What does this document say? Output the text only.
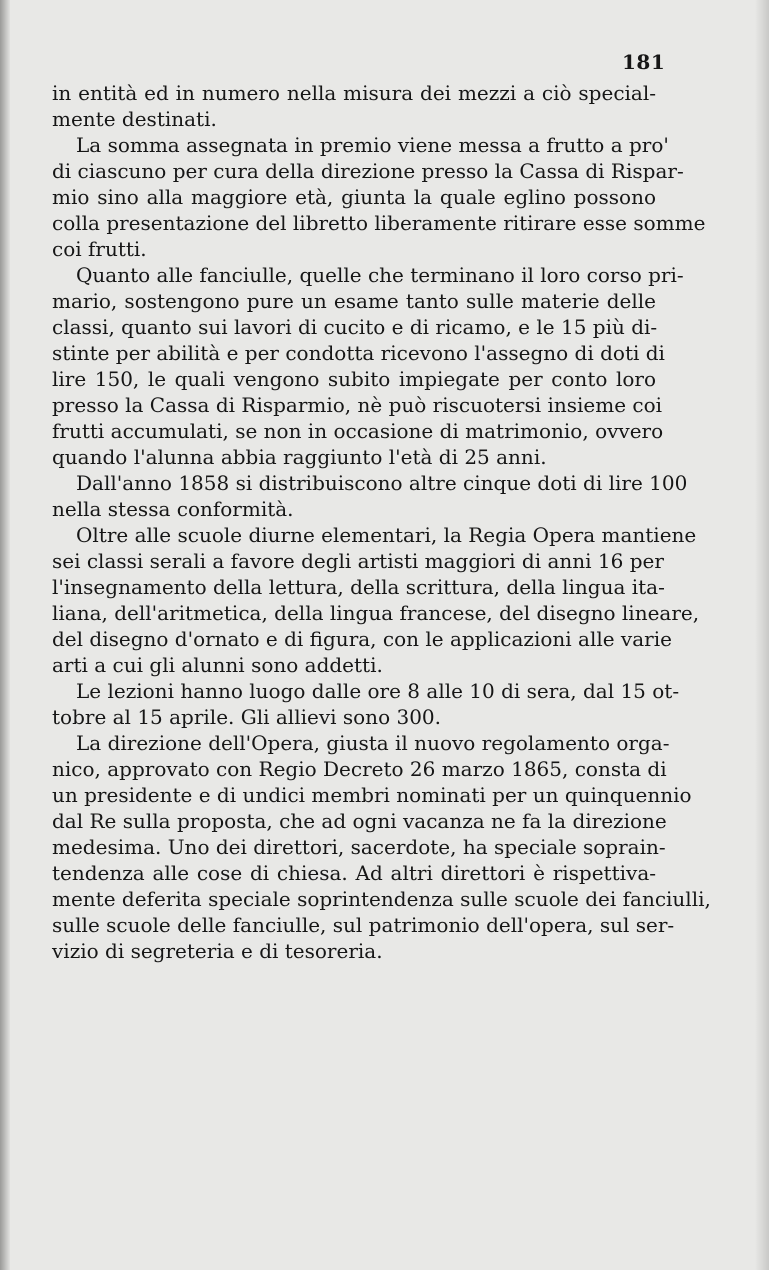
181
in entità ed in numero nella misura dei mezzi a ciò special-
mente destinati.
La somma assegnata in premio viene messa a frutto a pro'
di ciascuno per cura della direzione presso la Cassa di Rispar-
mio sino alla maggiore età, giunta la quale eglino possono
colla presentazione del libretto liberamente ritirare esse somme
coi frutti.
Quanto alle fanciulle, quelle che terminano il loro corso pri-
mario, sostengono pure un esame tanto sulle materie delle
classi, quanto sui lavori di cucito e di ricamo, e le 15 più di-
stinte per abilità e per condotta ricevono l'assegno di doti di
lire 150, le quali vengono subito impiegate per conto loro
presso la Cassa di Risparmio, nè può riscuotersi insieme coi
frutti accumulati, se non in occasione di matrimonio, ovvero
quando l'alunna abbia raggiunto l'età di 25 anni.
Dall'anno 1858 si distribuiscono altre cinque doti di lire 100
nella stessa conformità.
Oltre alle scuole diurne elementari, la Regia Opera mantiene
sei classi serali a favore degli artisti maggiori di anni 16 per
l'insegnamento della lettura, della scrittura, della lingua ita-
liana, dell'aritmetica, della lingua francese, del disegno lineare,
del disegno d'ornato e di figura, con le applicazioni alle varie
arti a cui gli alunni sono addetti.
Le lezioni hanno luogo dalle ore 8 alle 10 di sera, dal 15 ot-
tobre al 15 aprile. Gli allievi sono 300.
La direzione dell'Opera, giusta il nuovo regolamento orga-
nico, approvato con Regio Decreto 26 marzo 1865, consta di
un presidente e di undici membri nominati per un quinquennio
dal Re sulla proposta, che ad ogni vacanza ne fa la direzione
medesima. Uno dei direttori, sacerdote, ha speciale soprain-
tendenza alle cose di chiesa. Ad altri direttori è rispettiva-
mente deferita speciale soprintendenza sulle scuole dei fanciulli,
sulle scuole delle fanciulle, sul patrimonio dell'opera, sul ser-
vizio di segreteria e di tesoreria.
